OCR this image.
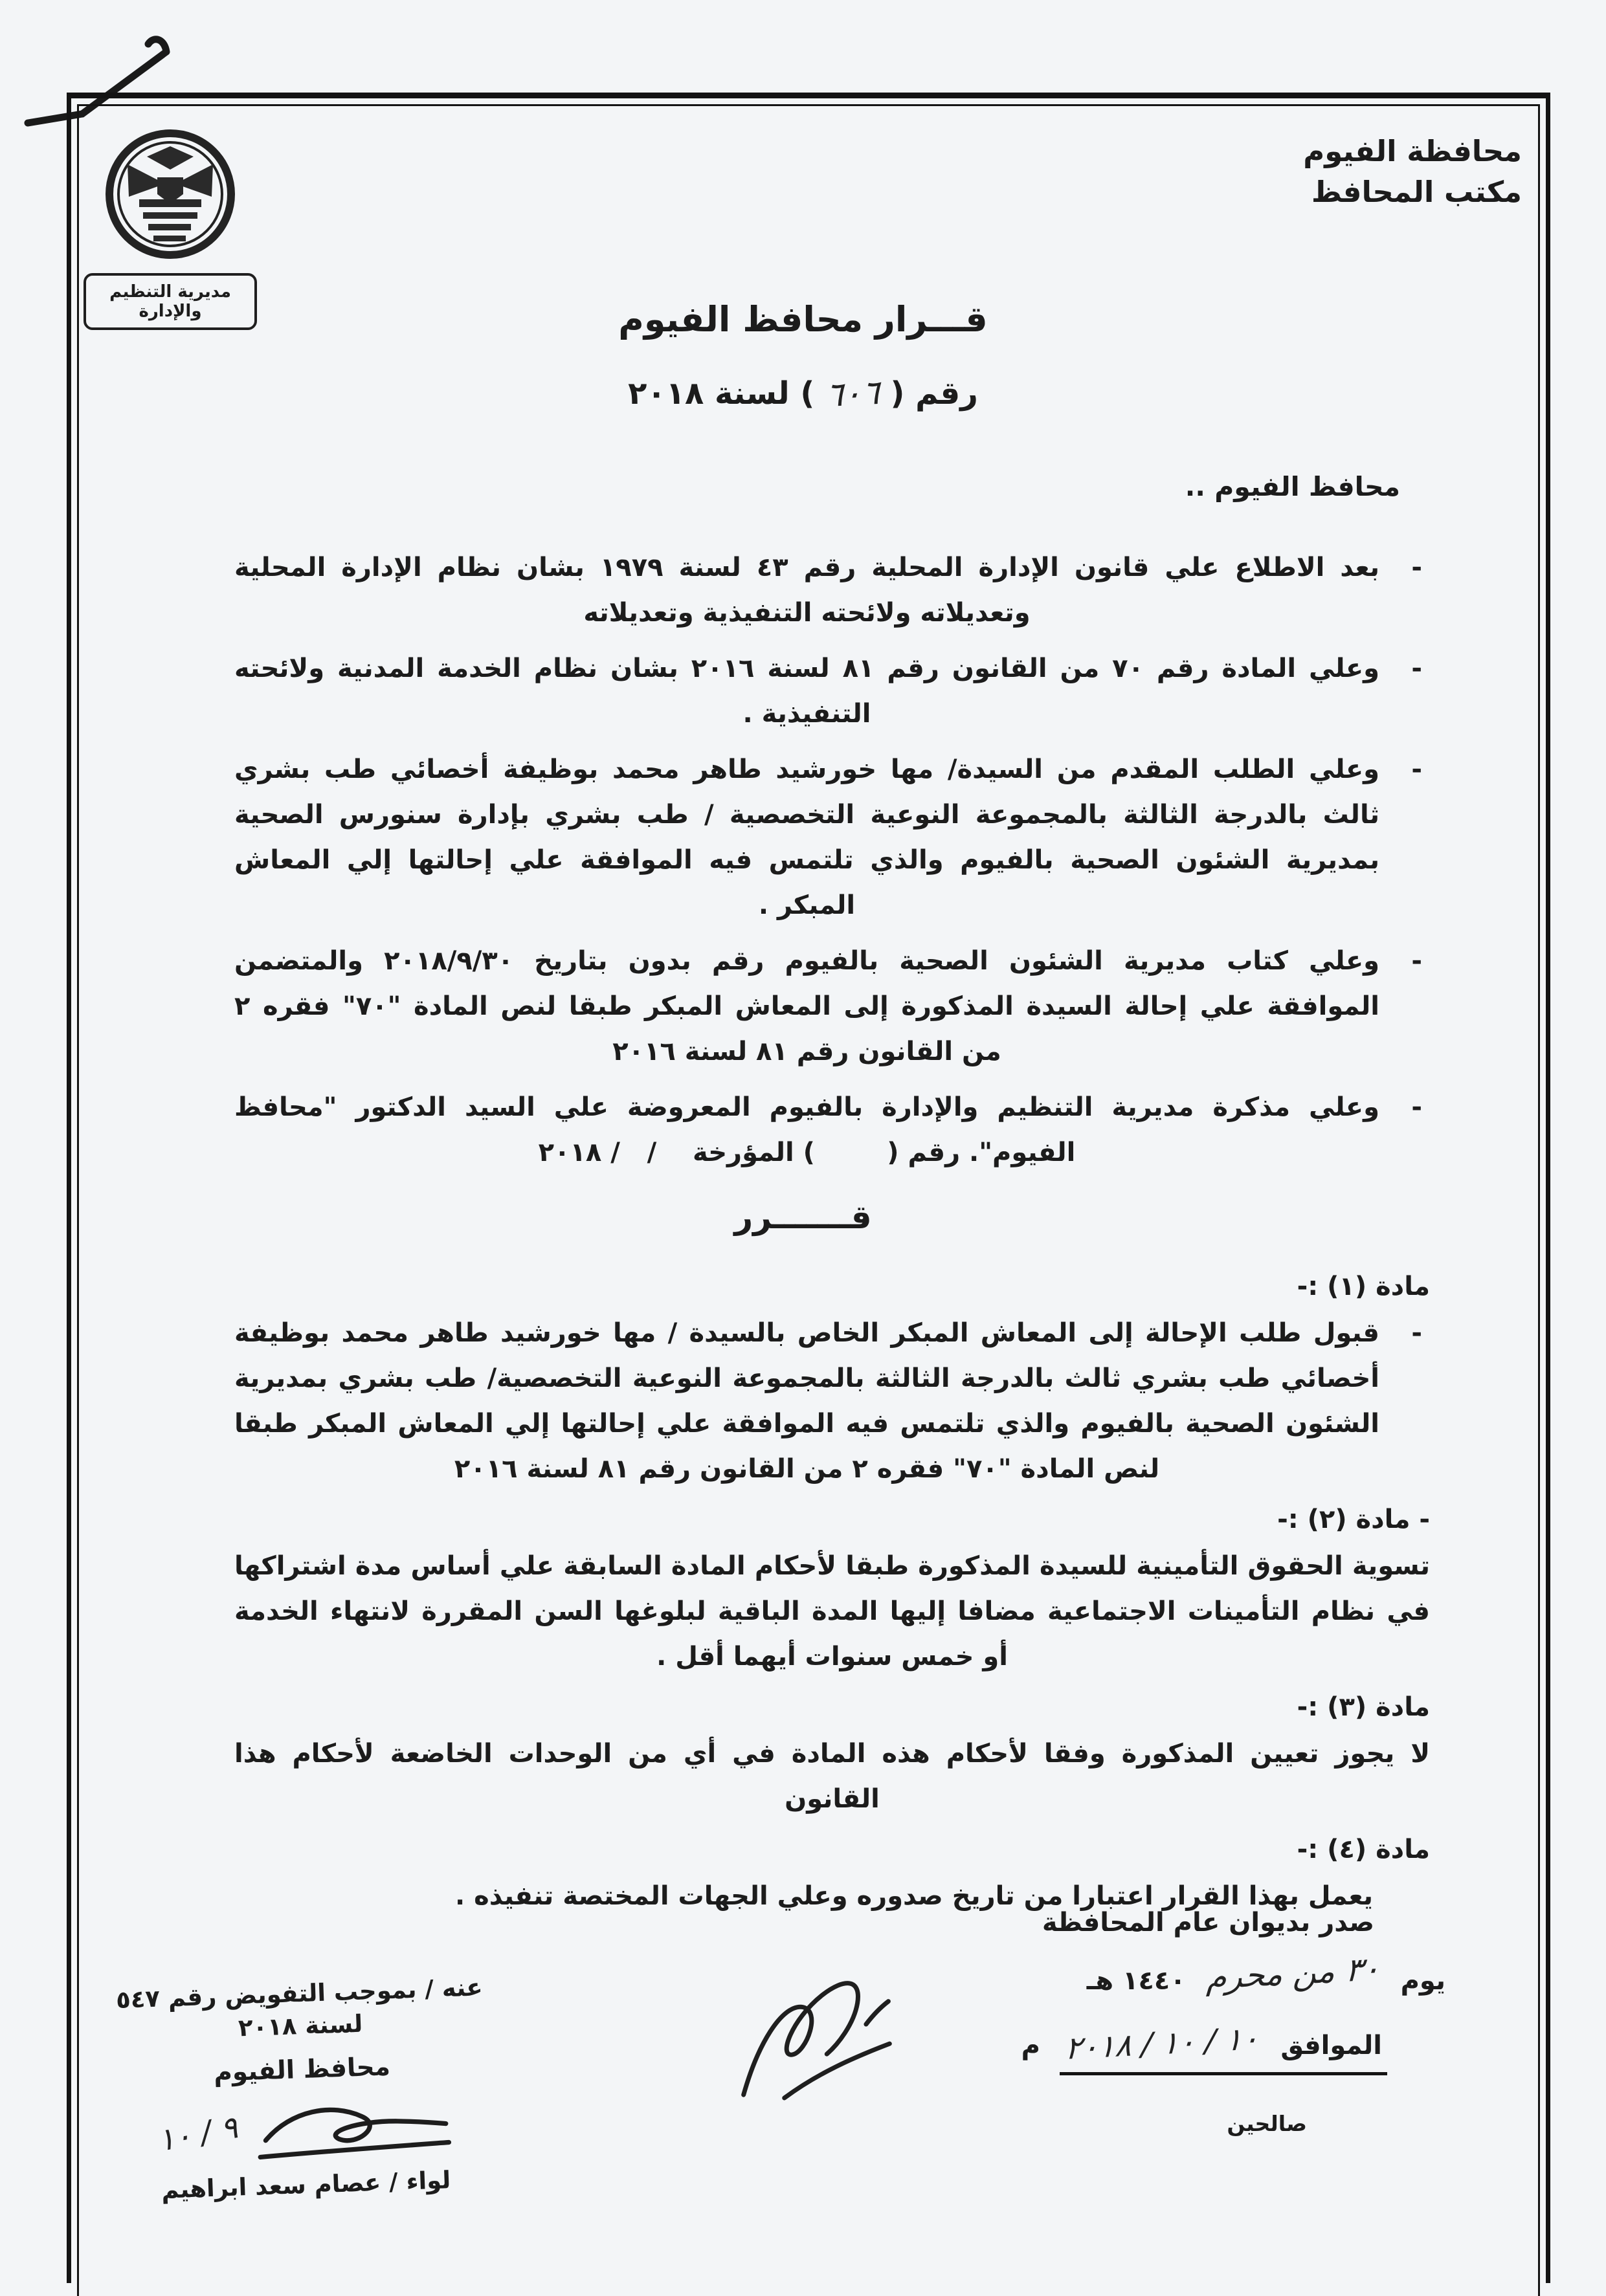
محافظة الفيوم
مكتب المحافظ
مديرية التنظيم والإدارة	قـــرار محافظ الفيوم
رقم ( ٦٠٦ ) لسنة ٢٠١٨
محافظ الفيوم ..
-
بعد الاطلاع علي قانون الإدارة المحلية رقم ٤٣ لسنة ١٩٧٩ بشان نظام الإدارة المحلية وتعديلاته ولائحته التنفيذية وتعديلاته
-
وعلي المادة رقم ٧٠ من القانون رقم ٨١ لسنة ٢٠١٦ بشان نظام الخدمة المدنية ولائحته التنفيذية .
-
وعلي الطلب المقدم من السيدة/ مها خورشيد طاهر محمد بوظيفة أخصائي طب بشري ثالث بالدرجة الثالثة بالمجموعة النوعية التخصصية / طب بشري بإدارة سنورس الصحية بمديرية الشئون الصحية بالفيوم والذي تلتمس فيه الموافقة علي إحالتها إلي المعاش المبكر .
-
وعلي كتاب مديرية الشئون الصحية بالفيوم رقم بدون بتاريخ ٢٠١٨/٩/٣٠ والمتضمن الموافقة علي إحالة السيدة المذكورة إلى المعاش المبكر طبقا لنص المادة "٧٠" فقره ٢ من القانون رقم ٨١ لسنة ٢٠١٦
-
وعلي مذكرة مديرية التنظيم والإدارة بالفيوم المعروضة علي السيد الدكتور "محافظ الفيوم". رقم (        ) المؤرخة    /   / ٢٠١٨
قـــــــرر
مادة (١) :-
-
قبول طلب الإحالة إلى المعاش المبكر الخاص بالسيدة / مها خورشيد طاهر محمد بوظيفة أخصائي طب بشري ثالث بالدرجة الثالثة بالمجموعة النوعية التخصصية/ طب بشري بمديرية الشئون الصحية بالفيوم والذي تلتمس فيه الموافقة علي إحالتها إلي المعاش المبكر طبقا لنص المادة "٧٠" فقره ٢ من القانون رقم ٨١ لسنة ٢٠١٦
- مادة (٢) :-
تسوية الحقوق التأمينية للسيدة المذكورة طبقا لأحكام المادة السابقة علي أساس مدة اشتراكها في نظام التأمينات الاجتماعية مضافا إليها المدة الباقية لبلوغها السن المقررة لانتهاء الخدمة أو خمس سنوات أيهما أقل .
مادة (٣) :-
لا يجوز تعيين المذكورة وفقا لأحكام هذه المادة في أي من الوحدات الخاضعة لأحكام هذا القانون
مادة (٤) :-
يعمل بهذا القرار اعتبارا من تاريخ صدوره وعلي الجهات المختصة تنفيذه .
صدر بديوان عام المحافظة
يوم ٣٠ من محرم ١٤٤٠ هـ
الموافق ١٠ / ١٠ / ٢٠١٨ م
صالحين
عنه / بموجب التفويض رقم ٥٤٧ لسنة ٢٠١٨
محافظ الفيوم
٩ / ١٠
لواء / عصام سعد ابراهيم
